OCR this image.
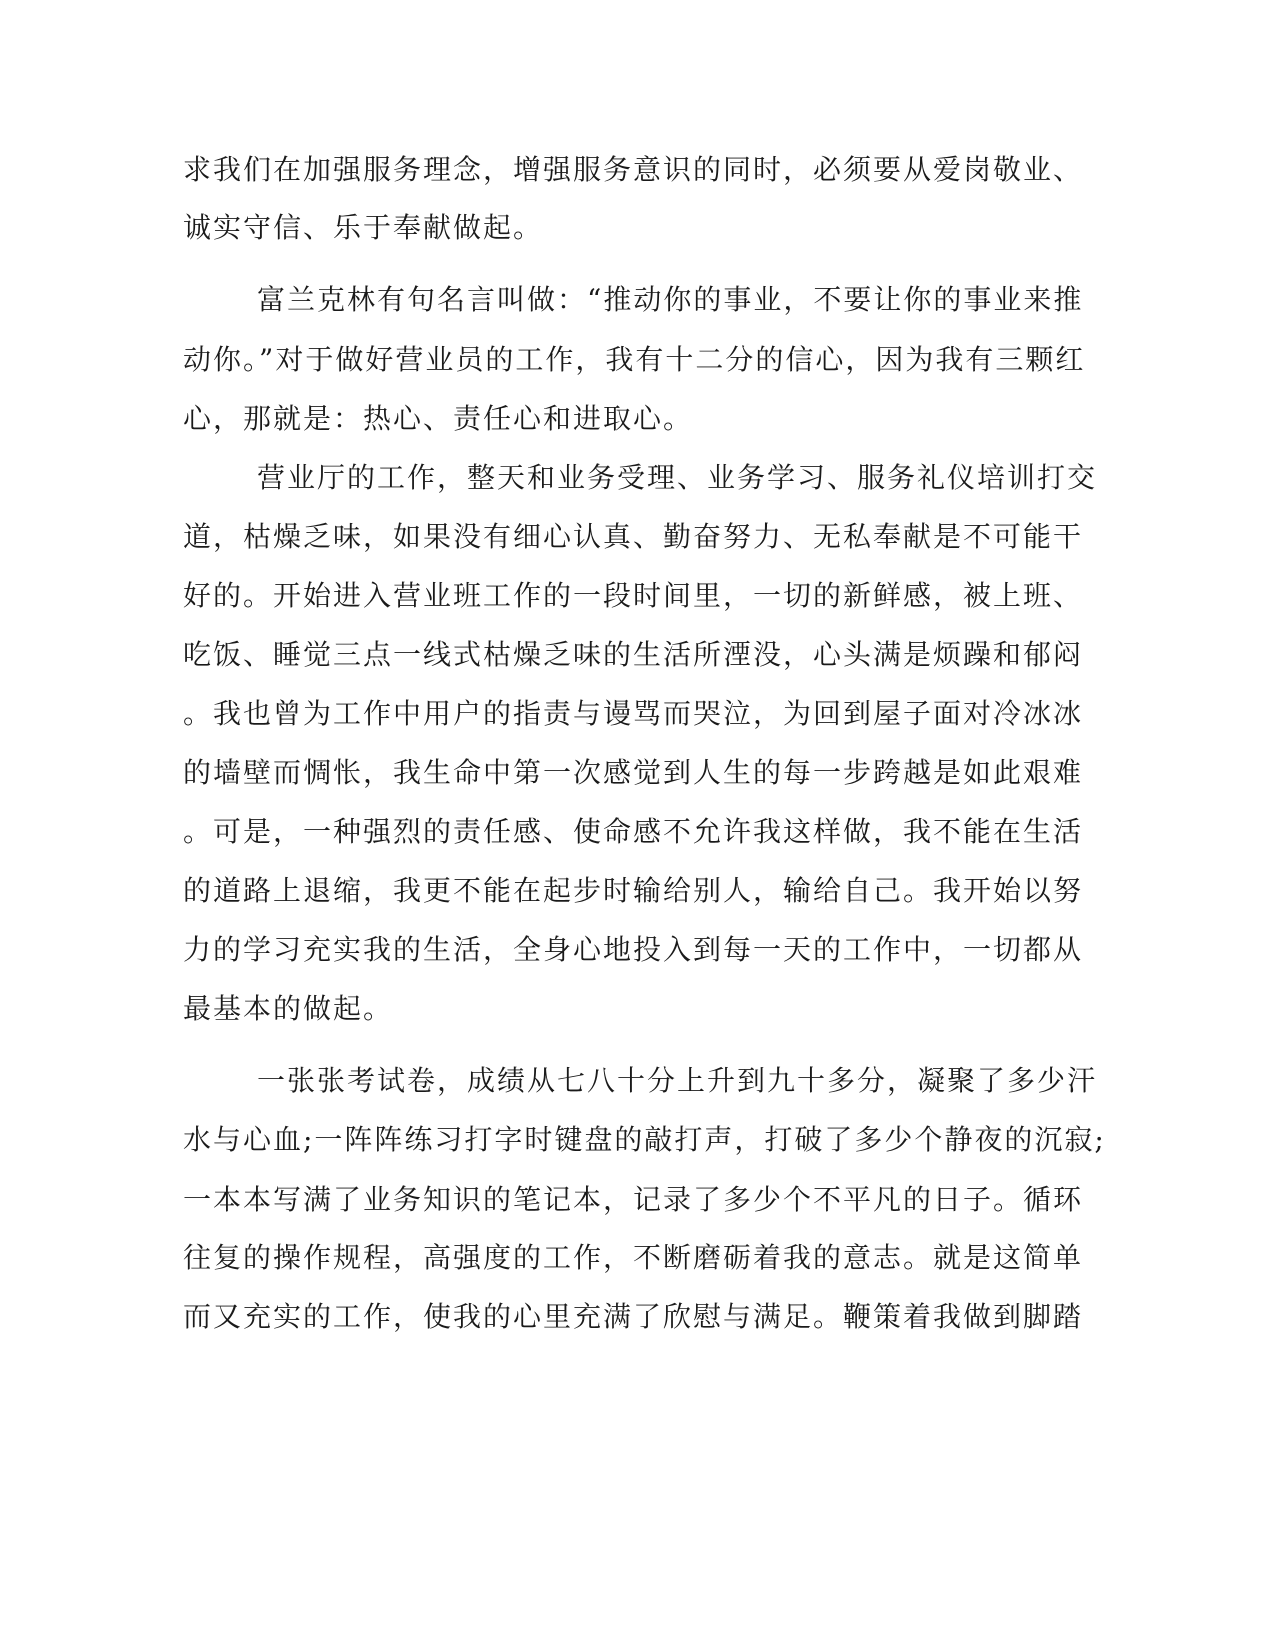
求我们在加强服务理念，增强服务意识的同时，必须要从爱岗敬业、
诚实守信、乐于奉献做起。
富兰克林有句名言叫做：“推动你的事业，不要让你的事业来推
动你。”对于做好营业员的工作，我有十二分的信心，因为我有三颗红
心，那就是：热心、责任心和进取心。
营业厅的工作，整天和业务受理、业务学习、服务礼仪培训打交
道，枯燥乏味，如果没有细心认真、勤奋努力、无私奉献是不可能干
好的。开始进入营业班工作的一段时间里，一切的新鲜感，被上班、
吃饭、睡觉三点一线式枯燥乏味的生活所湮没，心头满是烦躁和郁闷
。我也曾为工作中用户的指责与谩骂而哭泣，为回到屋子面对冷冰冰
的墙壁而惆怅，我生命中第一次感觉到人生的每一步跨越是如此艰难
。可是，一种强烈的责任感、使命感不允许我这样做，我不能在生活
的道路上退缩，我更不能在起步时输给别人，输给自己。我开始以努
力的学习充实我的生活，全身心地投入到每一天的工作中，一切都从
最基本的做起。
一张张考试卷，成绩从七八十分上升到九十多分，凝聚了多少汗
水与心血;一阵阵练习打字时键盘的敲打声，打破了多少个静夜的沉寂;
一本本写满了业务知识的笔记本，记录了多少个不平凡的日子。循环
往复的操作规程，高强度的工作，不断磨砺着我的意志。就是这简单
而又充实的工作，使我的心里充满了欣慰与满足。鞭策着我做到脚踏
